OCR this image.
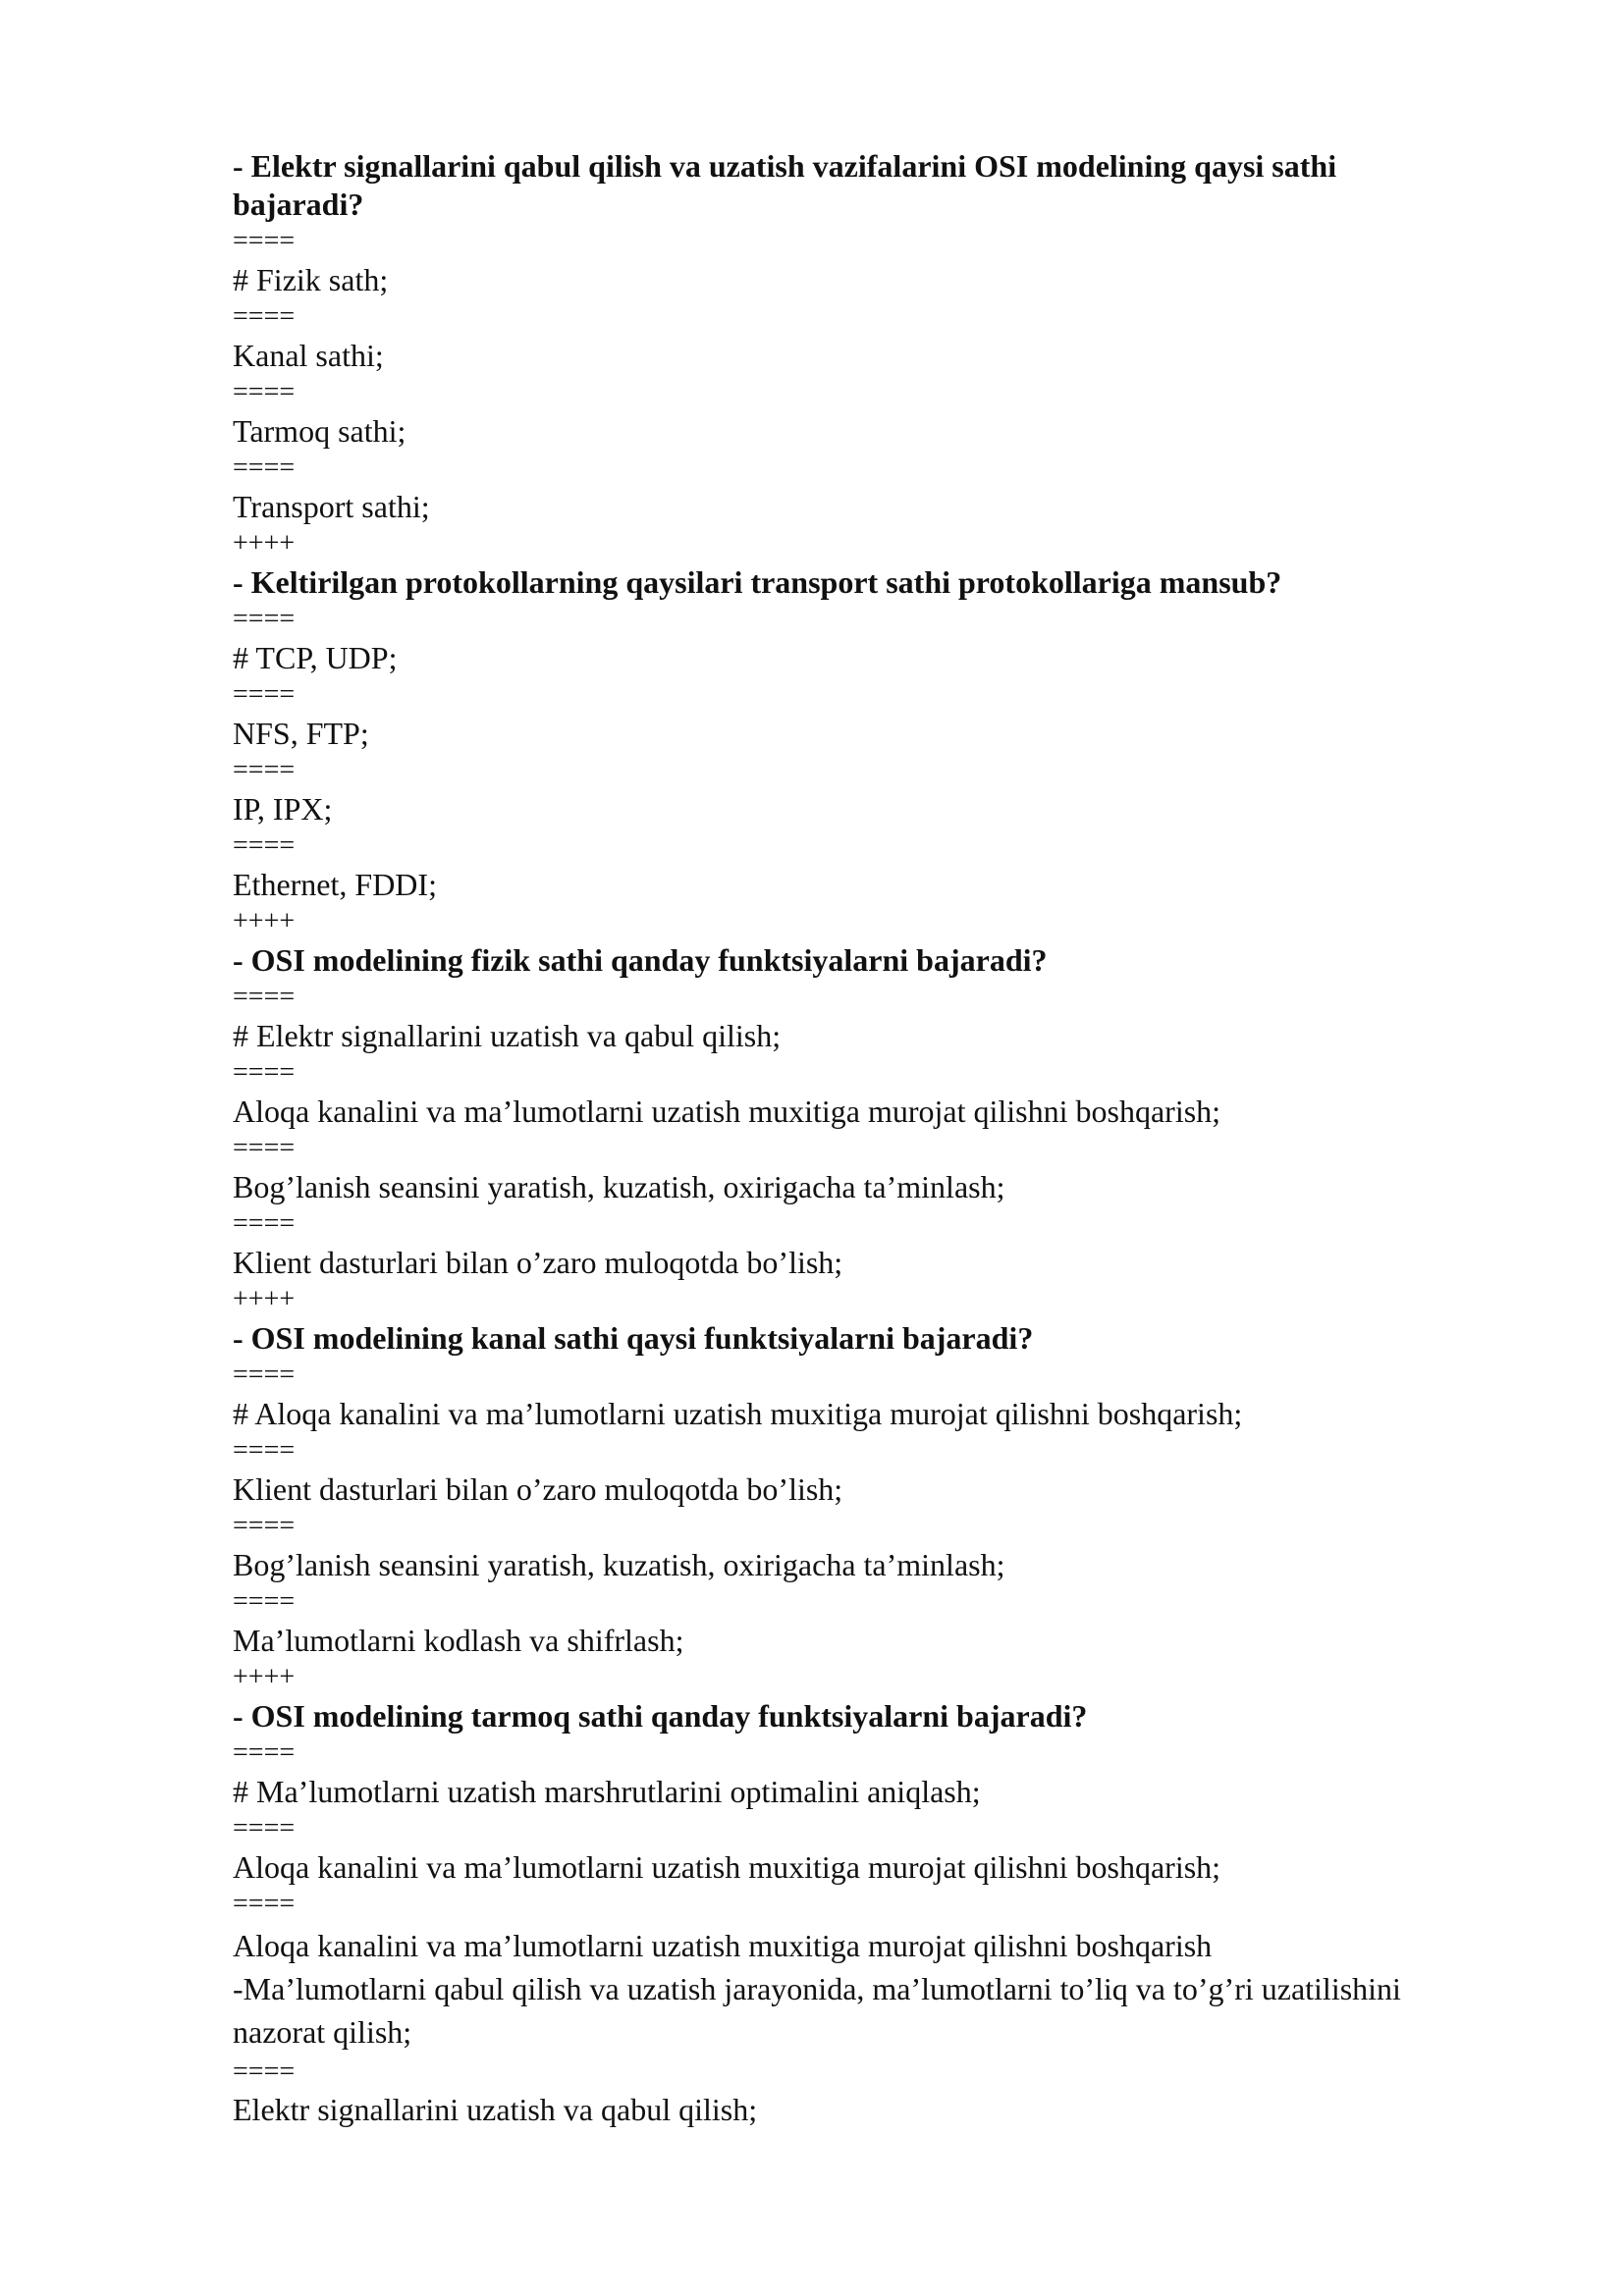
- Elektr signallarini qabul qilish va uzatish vazifalarini OSI modelining qaysi sathi bajaradi?
====
# Fizik sath;
====
Kanal sathi;
====
Tarmoq sathi;
====
Transport sathi;
++++
- Keltirilgan protokollarning qaysilari transport sathi protokollariga mansub?
====
# TCP, UDP;
====
NFS, FTP;
====
IP, IPX;
====
Ethernet, FDDI;
++++
- OSI modelining fizik sathi qanday funktsiyalarni bajaradi?
====
# Elektr signallarini uzatish va qabul qilish;
====
Aloqa kanalini va ma’lumotlarni uzatish muxitiga murojat qilishni boshqarish;
====
Bog’lanish seansini yaratish, kuzatish, oxirigacha ta’minlash;
====
Klient dasturlari bilan o’zaro muloqotda bo’lish;
++++
- OSI modelining kanal sathi qaysi funktsiyalarni bajaradi?
====
# Aloqa kanalini va ma’lumotlarni uzatish muxitiga murojat qilishni boshqarish;
====
Klient dasturlari bilan o’zaro muloqotda bo’lish;
====
Bog’lanish seansini yaratish, kuzatish, oxirigacha ta’minlash;
====
Ma’lumotlarni kodlash va shifrlash;
++++
- OSI modelining tarmoq sathi qanday funktsiyalarni bajaradi?
====
# Ma’lumotlarni uzatish marshrutlarini optimalini aniqlash;
====
Aloqa kanalini va ma’lumotlarni uzatish muxitiga murojat qilishni boshqarish;
====
Aloqa kanalini va ma’lumotlarni uzatish muxitiga murojat qilishni boshqarish
-Ma’lumotlarni qabul qilish va uzatish jarayonida, ma’lumotlarni to’liq va to’g’ri uzatilishini nazorat qilish;
====
Elektr signallarini uzatish va qabul qilish;
